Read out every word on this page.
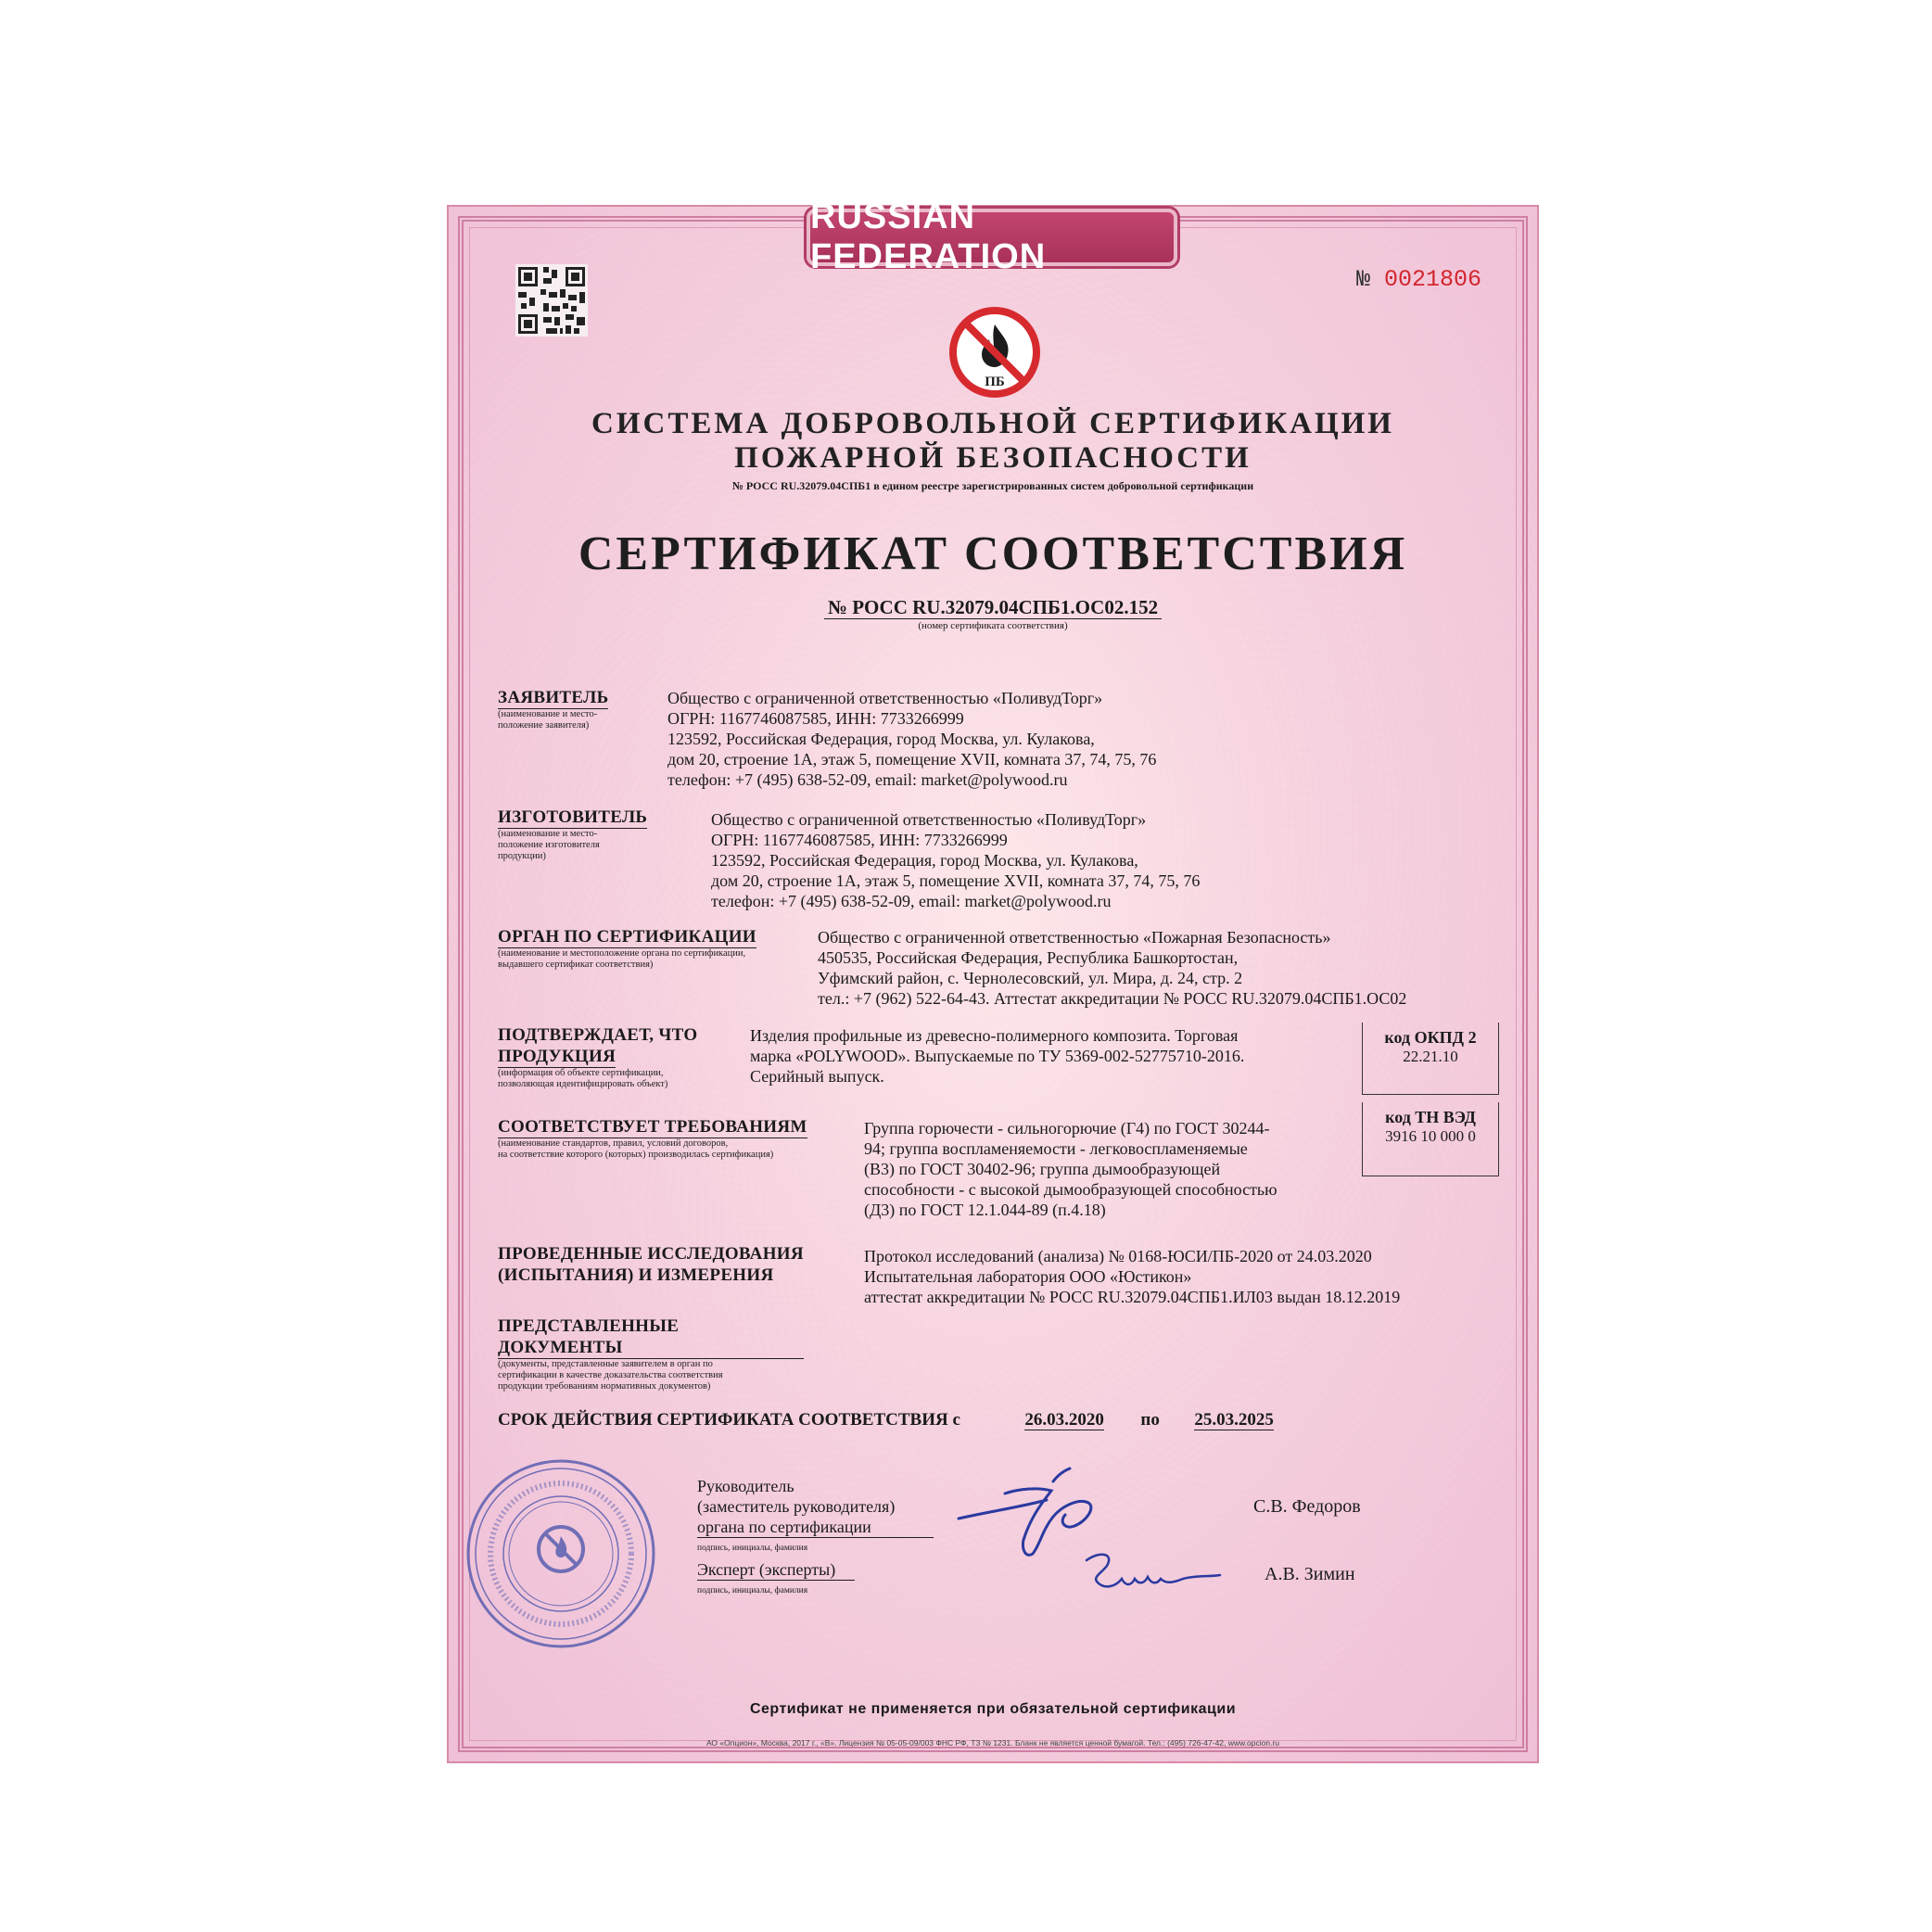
RUSSIAN FEDERATION
№ 0021806
ПБ
СИСТЕМА ДОБРОВОЛЬНОЙ СЕРТИФИКАЦИИ
ПОЖАРНОЙ БЕЗОПАСНОСТИ
№ РОСС RU.32079.04СПБ1 в едином реестре зарегистрированных систем добровольной сертификации
СЕРТИФИКАТ СООТВЕТСТВИЯ
№ РОСС RU.32079.04СПБ1.ОС02.152
(номер сертификата соответствия)
ЗАЯВИТЕЛЬ
(наименование и место-
положение заявителя)
Общество с ограниченной ответственностью «ПоливудТорг»
ОГРН: 1167746087585, ИНН: 7733266999
123592, Российская Федерация, город Москва, ул. Кулакова,
дом 20, строение 1А, этаж 5, помещение XVII, комната 37, 74, 75, 76
телефон: +7 (495) 638-52-09, email: market@polywood.ru
ИЗГОТОВИТЕЛЬ
(наименование и место-
положение изготовителя
продукции)
Общество с ограниченной ответственностью «ПоливудТорг»
ОГРН: 1167746087585, ИНН: 7733266999
123592, Российская Федерация, город Москва, ул. Кулакова,
дом 20, строение 1А, этаж 5, помещение XVII, комната 37, 74, 75, 76
телефон: +7 (495) 638-52-09, email: market@polywood.ru
ОРГАН ПО СЕРТИФИКАЦИИ
(наименование и местоположение органа по сертификации,
выдавшего сертификат соответствия)
Общество с ограниченной ответственностью «Пожарная Безопасность»
450535, Российская Федерация, Республика Башкортостан,
Уфимский район, с. Чернолесовский, ул. Мира, д. 24, стр. 2
тел.: +7 (962) 522-64-43. Аттестат аккредитации № РОСС RU.32079.04СПБ1.ОС02
ПОДТВЕРЖДАЕТ, ЧТО
ПРОДУКЦИЯ
(информация об объекте сертификации,
позволяющая идентифицировать объект)
Изделия профильные из древесно-полимерного композита. Торговая
марка «POLYWOOD». Выпускаемые по ТУ 5369-002-52775710-2016.
Серийный выпуск.
код ОКПД 2
22.21.10
код ТН ВЭД
3916 10 000 0
СООТВЕТСТВУЕТ ТРЕБОВАНИЯМ
(наименование стандартов, правил, условий договоров,
на соответствие которого (которых) производилась сертификация)
Группа горючести - сильногорючие (Г4) по ГОСТ 30244-
94; группа воспламеняемости - легковоспламеняемые
(В3) по ГОСТ 30402-96; группа дымообразующей
способности - с высокой дымообразующей способностью
(Д3) по ГОСТ 12.1.044-89 (п.4.18)
ПРОВЕДЕННЫЕ ИССЛЕДОВАНИЯ
(ИСПЫТАНИЯ) И ИЗМЕРЕНИЯ
Протокол исследований (анализа) № 0168-ЮСИ/ПБ-2020 от 24.03.2020
Испытательная лаборатория ООО «Юстикон»
аттестат аккредитации № РОСС RU.32079.04СПБ1.ИЛ03 выдан 18.12.2019
ПРЕДСТАВЛЕННЫЕ ДОКУМЕНТЫ
(документы, представленные заявителем в орган по
сертификации в качестве доказательства соответствия
продукции требованиям нормативных документов)
СРОК ДЕЙСТВИЯ СЕРТИФИКАТА СООТВЕТСТВИЯ с	26.03.2020 по 25.03.2025
Руководитель
(заместитель руководителя)
органа по сертификации
подпись, инициалы, фамилия
С.В. Федоров
Эксперт (эксперты)
подпись, инициалы, фамилия
А.В. Зимин
Сертификат не применяется при обязательной сертификации
АО «Опцион», Москва, 2017 г., «В». Лицензия № 05-05-09/003 ФНС РФ, ТЗ № 1231. Бланк не является ценной бумагой. Тел.: (495) 726-47-42, www.opcion.ru
